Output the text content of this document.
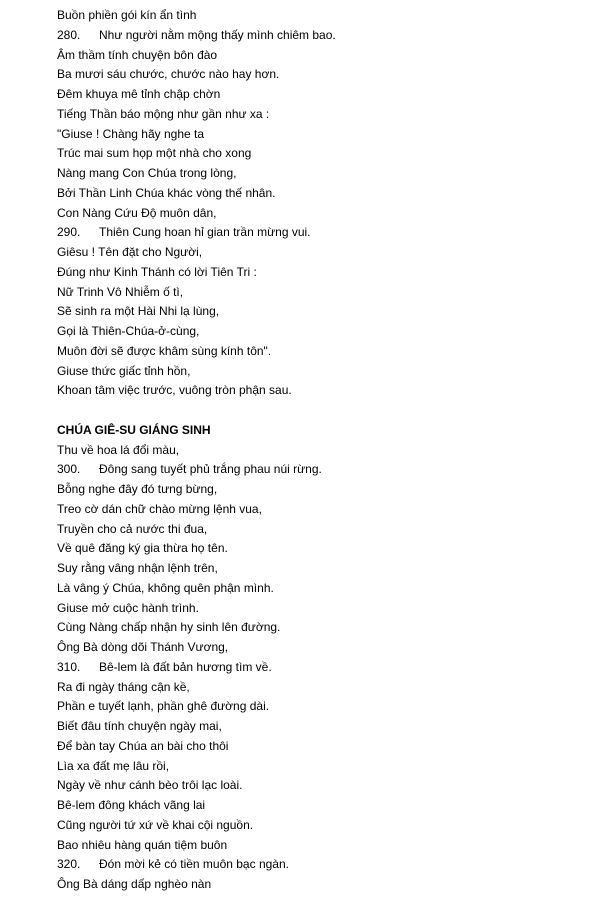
Buồn phiền gói kín ẩn tình
280. Như người nằm mộng thấy mình chiêm bao.
Âm thầm tính chuyện bôn đào
Ba mươi sáu chước, chước nào hay hơn.
Đêm khuya mê tỉnh chập chờn
Tiếng Thần báo mộng như gần như xa :
"Giuse ! Chàng hãy nghe ta
Trúc mai sum họp một nhà cho xong
Nàng mang Con Chúa trong lòng,
Bởi Thần Linh Chúa khác vòng thế nhân.
Con Nàng Cứu Độ muôn dân,
290. Thiên Cung hoan hỉ gian trần mừng vui.
Giêsu ! Tên đặt cho Người,
Đúng như Kinh Thánh có lời Tiên Tri :
Nữ Trinh Vô Nhiễm ố tì,
Sẽ sinh ra một Hài Nhi lạ lùng,
Gọi là Thiên-Chúa-ở-cùng,
Muôn đời sẽ được khâm sùng kính tôn".
Giuse thức giấc tỉnh hồn,
Khoan tâm việc trước, vuông tròn phận sau.
CHÚA GIÊ-SU GIÁNG SINH
Thu về hoa lá đổi màu,
300. Đông sang tuyết phủ trắng phau núi rừng.
Bỗng nghe đây đó tưng bừng,
Treo cờ dán chữ chào mừng lệnh vua,
Truyền cho cả nước thi đua,
Về quê đăng ký gia thừa họ tên.
Suy rằng vâng nhận lệnh trên,
Là vâng ý Chúa, không quên phận mình.
Giuse mở cuộc hành trình.
Cùng Nàng chấp nhận hy sinh lên đường.
Ông Bà dòng dõi Thánh Vương,
310. Bê-lem là đất bản hương tìm về.
Ra đi ngày tháng cận kề,
Phần e tuyết lạnh, phần ghê đường dài.
Biết đâu tính chuyện ngày mai,
Để bàn tay Chúa an bài cho thôi
Lìa xa đất mẹ lâu rồi,
Ngày về như cánh bèo trôi lạc loài.
Bê-lem đông khách vãng lai
Cũng người tứ xứ về khai cội nguồn.
Bao nhiêu hàng quán tiệm buôn
320. Đón mời kẻ có tiền muôn bạc ngàn.
Ông Bà dáng dấp nghèo nàn
